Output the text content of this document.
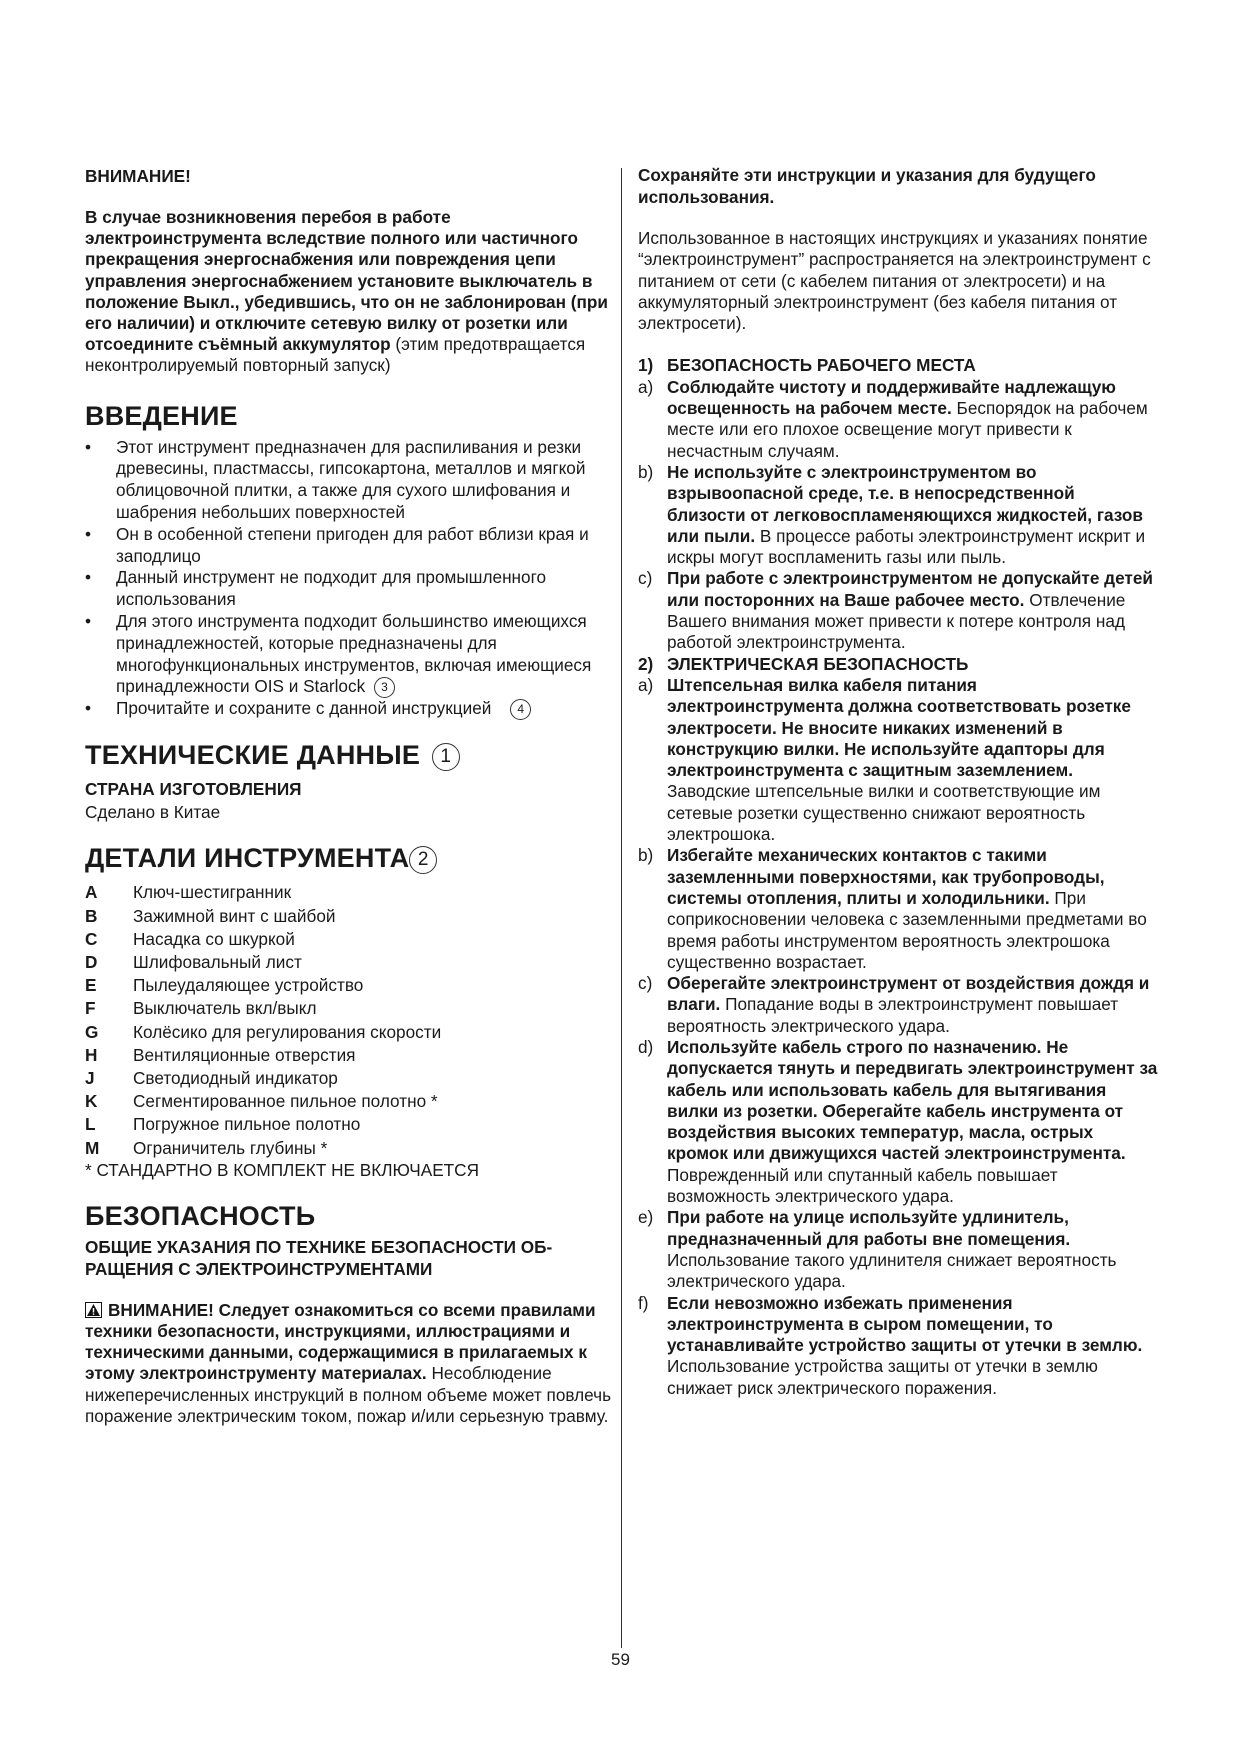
ВНИМАНИЕ!

В случае возникновения перебоя в работе электроинструмента вследствие полного или частичного прекращения энергоснабжения или повреждения цепи управления энергоснабжением установите выключатель в положение Выкл., убедившись, что он не заблонирован (при его наличии) и отключите сетевую вилку от розетки или отсоедините съёмный аккумулятор (этим предотвращается неконтролируемый повторный запуск)

ВВЕДЕНИЕ
•	Этот инструмент предназначен для распиливания и резки древесины, пластмассы, гипсокартона, металлов и мягкой облицовочной плитки, а также для сухого шлифования и шабрения небольших поверхностей
•	Он в особенной степени пригоден для работ вблизи края и заподлицо
•	Данный инструмент не подходит для промышленного использования
•	Для этого инструмента подходит большинство имеющихся принадлежностей, которые предназначены для многофункциональных инструментов, включая имеющиеся принадлежности OIS и Starlock 3
•	Прочитайте и сохраните с данной инструкцией 4
ТЕХНИЧЕСКИЕ ДАННЫЕ 1
СТРАНА ИЗГОТОВЛЕНИЯ

Сделано в Китае

ДЕТАЛИ ИНСТРУМЕНТА 2
A	Ключ-шестигранник
B	Зажимной винт с шайбой
C	Насадка со шкуркой
D	Шлифовальный лист
E	Пылеудаляющее устройство
F	Выключатель вкл/выкл
G	Колёсико для регулирования скорости
H	Вентиляционные отверстия
J	Светодиодный индикатор
K	Сегментированное пильное полотно *
L	Погружное пильное полотно
M	Ограничитель глубины *

* СТАНДАРТНО В КОМПЛЕКТ НЕ ВКЛЮЧАЕТСЯ

БЕЗОПАСНОСТЬ
ОБЩИЕ УКАЗАНИЯ ПО ТЕХНИКЕ БЕЗОПАСНОСТИ ОБ- РАЩЕНИЯ С ЭЛЕКТРОИНСТРУМЕНТАМИ

ВНИМАНИЕ! Следует ознакомиться со всеми правилами техники безопасности, инструкциями, иллюстрациями и техническими данными, содержащимися в прилагаемых к этому электроинструменту материалах. Несоблюдение нижеперечисленных инструкций в полном объеме может повлечь поражение электрическим током, пожар и/или серьезную травму.

Сохраняйте эти инструкции и указания для будущего использования.

Использованное в настоящих инструкциях и указаниях понятие “электроинструмент” распространяется на электроинструмент с питанием от сети (с кабелем питания от электросети) и на аккумуляторный электроинструмент (без кабеля питания от электросети).

1) БЕЗОПАСНОСТЬ РАБОЧЕГО МЕСТА
a) Соблюдайте чистоту и поддерживайте надлежащую освещенность на рабочем месте. Беспорядок на рабочем месте или его плохое освещение могут привести к несчастным случаям.
b) Не используйте с электроинструментом во взрывоопасной среде, т.е. в непосредственной близости от легковоспламеняющихся жидкостей, газов или пыли. В процессе работы электроинструмент искрит и искры могут воспламенить газы или пыль.
c) При работе с электроинструментом не допускайте детей или посторонних на Ваше рабочее место. Отвлечение Вашего внимания может привести к потере контроля над работой электроинструмента.
2) ЭЛЕКТРИЧЕСКАЯ БЕЗОПАСНОСТЬ
a) Штепсельная вилка кабеля питания электроинструмента должна соответствовать розетке электросети. Не вносите никаких изменений в конструкцию вилки. Не используйте адапторы для электроинструмента с защитным заземлением. Заводские штепсельные вилки и соответствующие им сетевые розетки существенно снижают вероятность электрошока.
b) Избегайте механических контактов с такими заземленными поверхностями, как трубопроводы, системы отопления, плиты и холодильники. При соприкосновении человека с заземленными предметами во время работы инструментом вероятность электрошока существенно возрастает.
c) Оберегайте электроинструмент от воздействия дождя и влаги. Попадание воды в электроинструмент повышает вероятность электрического удара.
d) Используйте кабель строго по назначению. Не допускается тянуть и передвигать электроинструмент за кабель или использовать кабель для вытягивания вилки из розетки. Оберегайте кабель инструмента от воздействия высоких температур, масла, острых кромок или движущихся частей электроинструмента. Поврежденный или спутанный кабель повышает возможность электрического удара.
e) При работе на улице используйте удлинитель, предназначенный для работы вне помещения. Использование такого удлинителя снижает вероятность электрического удара.
f) Если невозможно избежать применения электроинструмента в сыром помещении, то устанавливайте устройство защиты от утечки в землю. Использование устройства защиты от утечки в землю снижает риск электрического поражения.
59
